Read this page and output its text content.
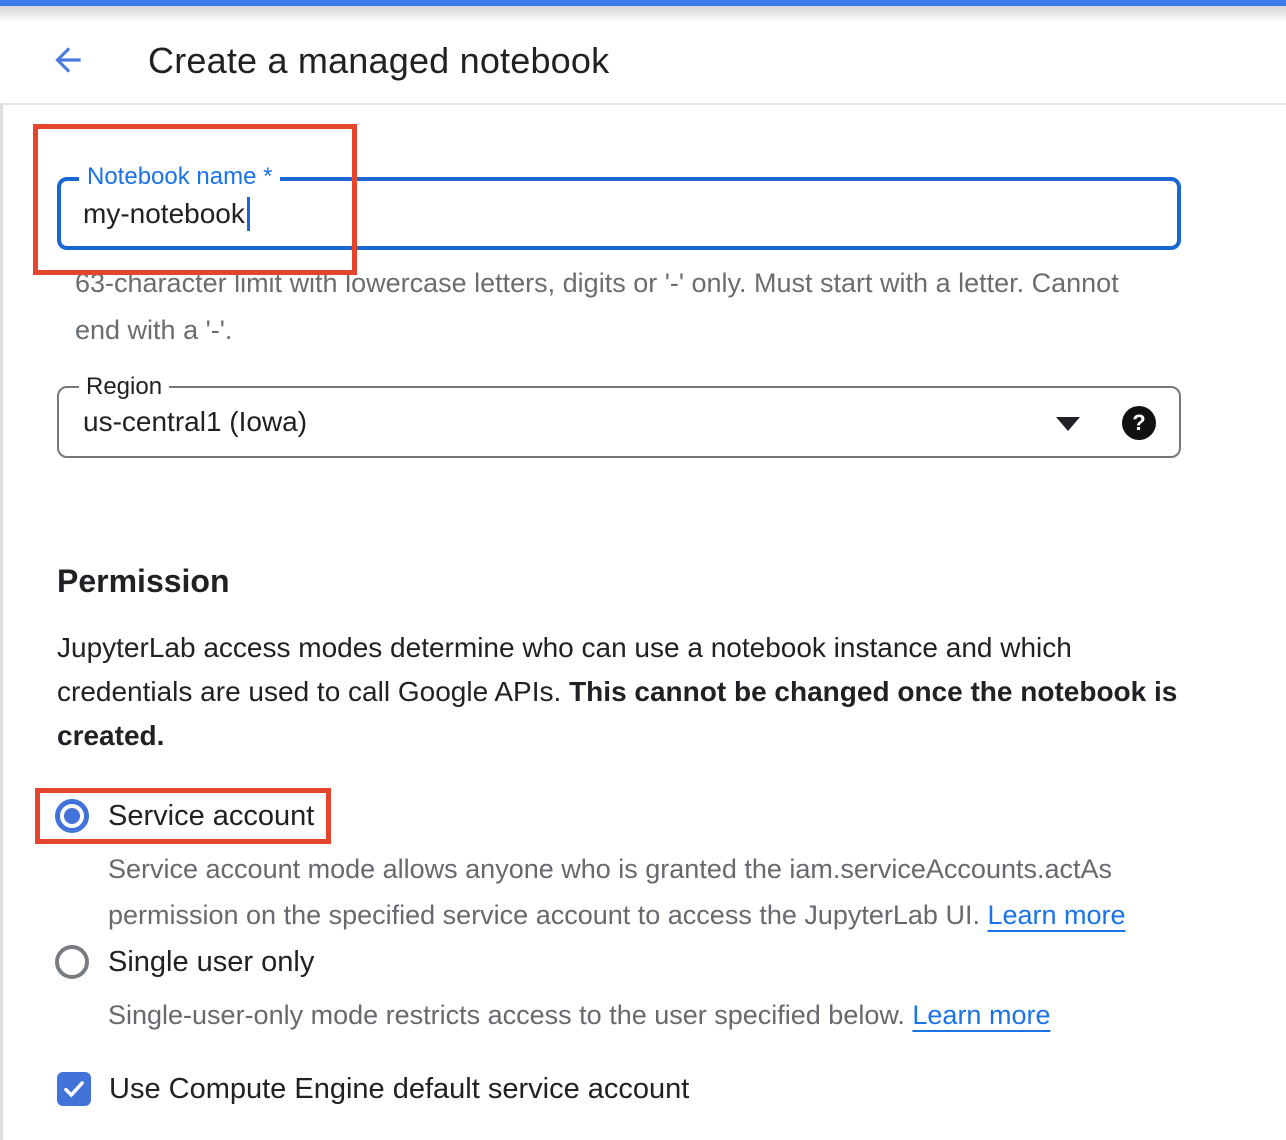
Create a managed notebook
Notebook name *
my-notebook
63-character limit with lowercase letters, digits or '-' only. Must start with a letter. Cannot
end with a '-'.
Region
us-central1 (Iowa)	?
Permission
JupyterLab access modes determine who can use a notebook instance and which
credentials are used to call Google APIs. This cannot be changed once the notebook is
created.
Service account
Service account mode allows anyone who is granted the iam.serviceAccounts.actAs
permission on the specified service account to access the JupyterLab UI. Learn more
Single user only
Single-user-only mode restricts access to the user specified below. Learn more
Use Compute Engine default service account
